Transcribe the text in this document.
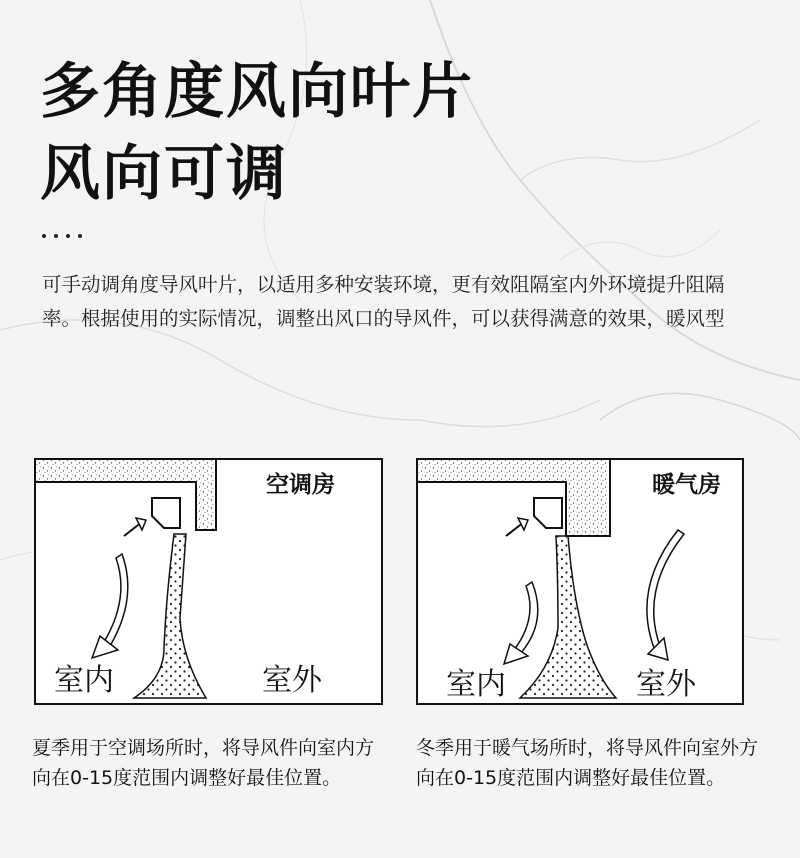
多角度风向叶片
风向可调

可手动调角度导风叶片，以适用多种安装环境，更有效阻隔室内外环境提升阻隔率。根据使用的实际情况，调整出风口的导风件，可以获得满意的效果，暖风型

空调房
室内	室外
暖气房
室内	室外

夏季用于空调场所时，将导风件向室内方向在0-15度范围内调整好最佳位置。

冬季用于暖气场所时，将导风件向室外方向在0-15度范围内调整好最佳位置。
